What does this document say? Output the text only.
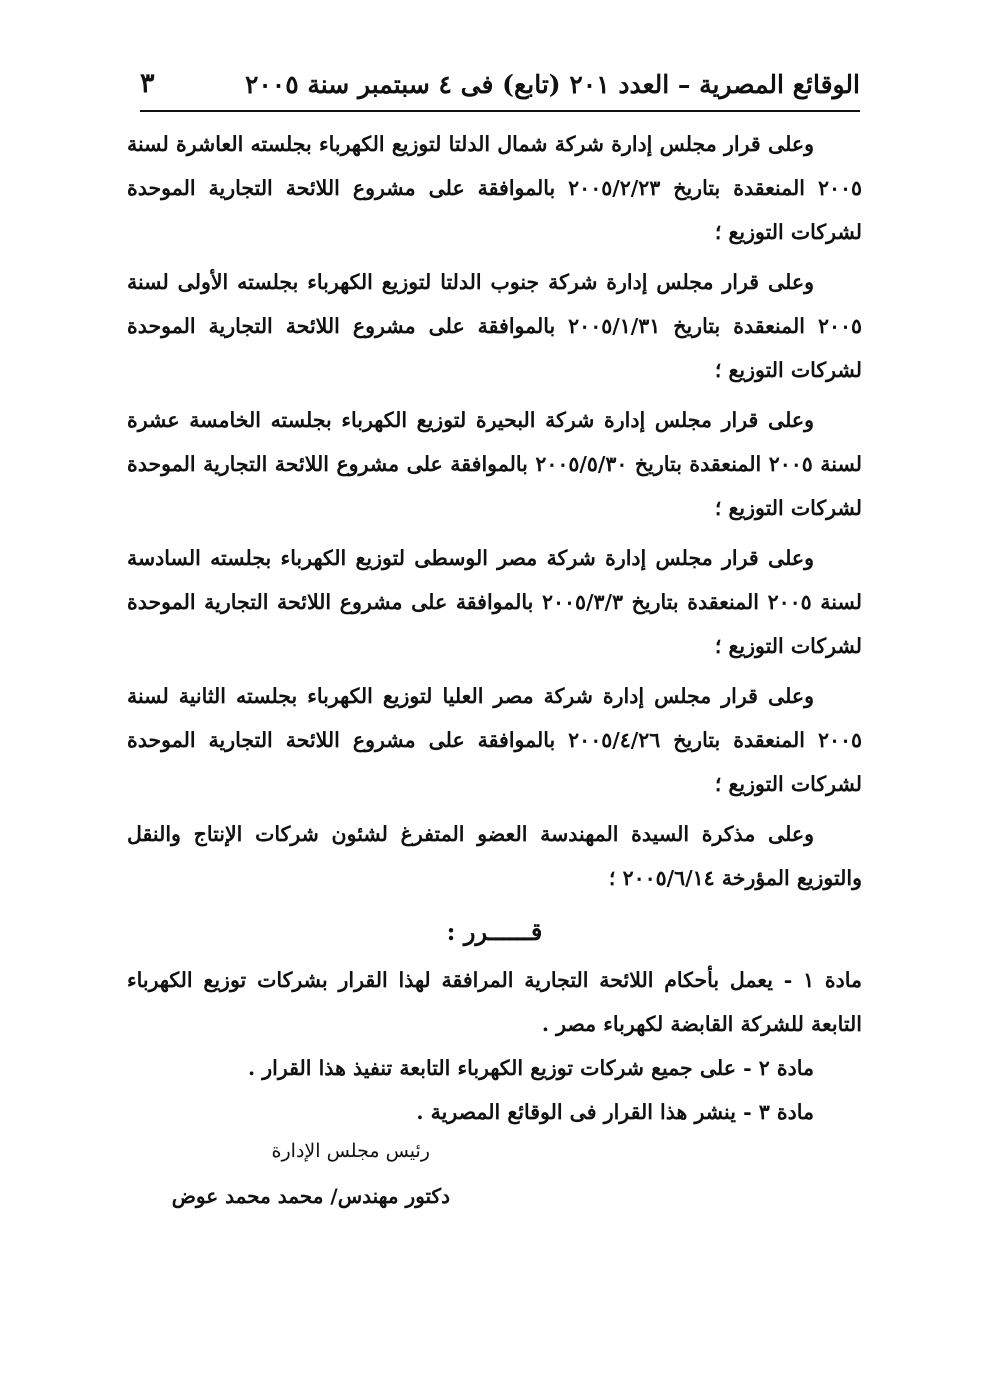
الوقائع المصرية – العدد ٢٠١ (تابع) فى ٤ سبتمبر سنة ٢٠٠٥
٣

وعلى قرار مجلس إدارة شركة شمال الدلتا لتوزيع الكهرباء بجلسته العاشرة لسنة ٢٠٠٥ المنعقدة بتاريخ ٢٠٠٥/٢/٢٣ بالموافقة على مشروع اللائحة التجارية الموحدة لشركات التوزيع ؛

وعلى قرار مجلس إدارة شركة جنوب الدلتا لتوزيع الكهرباء بجلسته الأولى لسنة ٢٠٠٥ المنعقدة بتاريخ ٢٠٠٥/١/٣١ بالموافقة على مشروع اللائحة التجارية الموحدة لشركات التوزيع ؛

وعلى قرار مجلس إدارة شركة البحيرة لتوزيع الكهرباء بجلسته الخامسة عشرة لسنة ٢٠٠٥ المنعقدة بتاريخ ٢٠٠٥/٥/٣٠ بالموافقة على مشروع اللائحة التجارية الموحدة لشركات التوزيع ؛

وعلى قرار مجلس إدارة شركة مصر الوسطى لتوزيع الكهرباء بجلسته السادسة لسنة ٢٠٠٥ المنعقدة بتاريخ ٢٠٠٥/٣/٣ بالموافقة على مشروع اللائحة التجارية الموحدة لشركات التوزيع ؛

وعلى قرار مجلس إدارة شركة مصر العليا لتوزيع الكهرباء بجلسته الثانية لسنة ٢٠٠٥ المنعقدة بتاريخ ٢٠٠٥/٤/٢٦ بالموافقة على مشروع اللائحة التجارية الموحدة لشركات التوزيع ؛

وعلى مذكرة السيدة المهندسة العضو المتفرغ لشئون شركات الإنتاج والنقل والتوزيع المؤرخة ٢٠٠٥/٦/١٤ ؛

قــــــرر :

مادة ١ - يعمل بأحكام اللائحة التجارية المرافقة لهذا القرار بشركات توزيع الكهرباء التابعة للشركة القابضة لكهرباء مصر .

مادة ٢ - على جميع شركات توزيع الكهرباء التابعة تنفيذ هذا القرار .

مادة ٣ - ينشر هذا القرار فى الوقائع المصرية .

رئيس مجلس الإدارة
دكتور مهندس/ محمد محمد عوض
